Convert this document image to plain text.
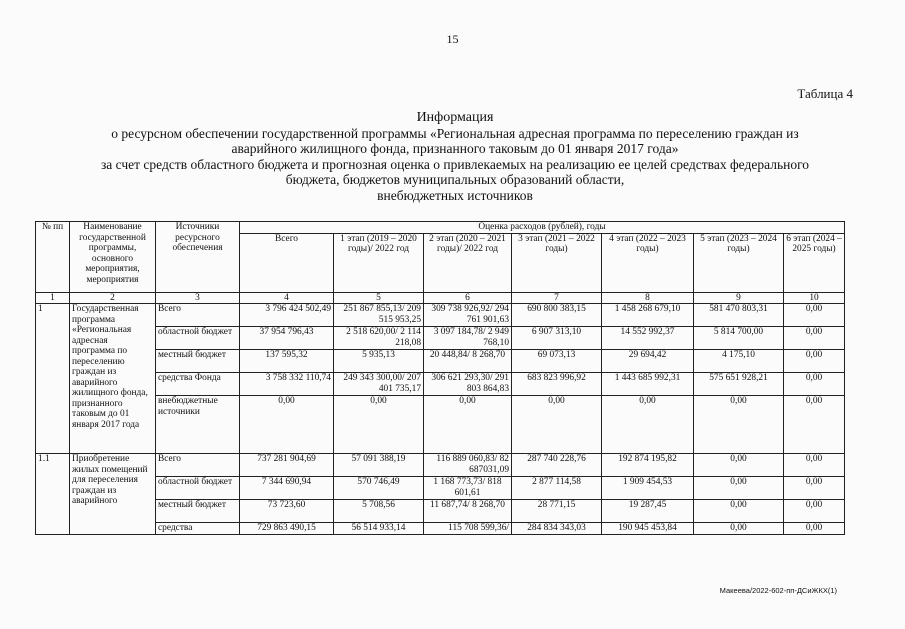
15
Таблица 4
Информация
о ресурсном обеспечении государственной программы «Региональная адресная программа по переселению граждан из
аварийного жилищного фонда, признанного таковым до 01 января 2017 года»
за счет средств областного бюджета и прогнозная оценка о привлекаемых на реализацию ее целей средствах федерального
бюджета, бюджетов муниципальных образований области,
внебюджетных источников
№ пп	Наименование государственной программы, основного мероприятия, мероприятия	Источники ресурсного обеспечения	Оценка расходов (рублей), годы						
			Всего	1 этап (2019 – 2020 годы)/ 2022 год	2 этап (2020 – 2021 годы)/ 2022 год	3 этап (2021 – 2022 годы)	4 этап (2022 – 2023 годы)	5 этап (2023 – 2024 годы)	6 этап (2024 – 2025 годы)
1	2	3	4	5	6	7	8	9	10
1	Государственная программа «Региональная адресная программа по переселению граждан из аварийного жилищного фонда, признанного таковым до 01 января 2017 года	Всего	3 796 424 502,49	251 867 855,13/ 209 515 953,25	309 738 926,92/ 294 761 901,63	690 800 383,15	1 458 268 679,10	581 470 803,31	0,00
		областной бюджет	37 954 796,43	2 518 620,00/ 2 114 218,08	3 097 184,78/ 2 949 768,10	6 907 313,10	14 552 992,37	5 814 700,00	0,00
		местный бюджет	137 595,32	5 935,13	20 448,84/ 8 268,70	69 073,13	29 694,42	4 175,10	0,00
		средства Фонда	3 758 332 110,74	249 343 300,00/ 207 401 735,17	306 621 293,30/ 291 803 864,83	683 823 996,92	1 443 685 992,31	575 651 928,21	0,00
		внебюджетные источники	0,00	0,00	0,00	0,00	0,00	0,00	0,00
1.1	Приобретение жилых помещений для переселения граждан из аварийного	Всего	737 281 904,69	57 091 388,19	116 889 060,83/ 82 687031,09	287 740 228,76	192 874 195,82	0,00	0,00
		областной бюджет	7 344 690,94	570 746,49	1 168 773,73/ 818 601,61	2 877 114,58	1 909 454,53	0,00	0,00
		местный бюджет	73 723,60	5 708,56	11 687,74/ 8 268,70	28 771,15	19 287,45	0,00	0,00
		средства	729 863 490,15	56 514 933,14	115 708 599,36/	284 834 343,03	190 945 453,84	0,00	0,00
Макеева/2022-602-пп-ДСиЖКХ(1)
